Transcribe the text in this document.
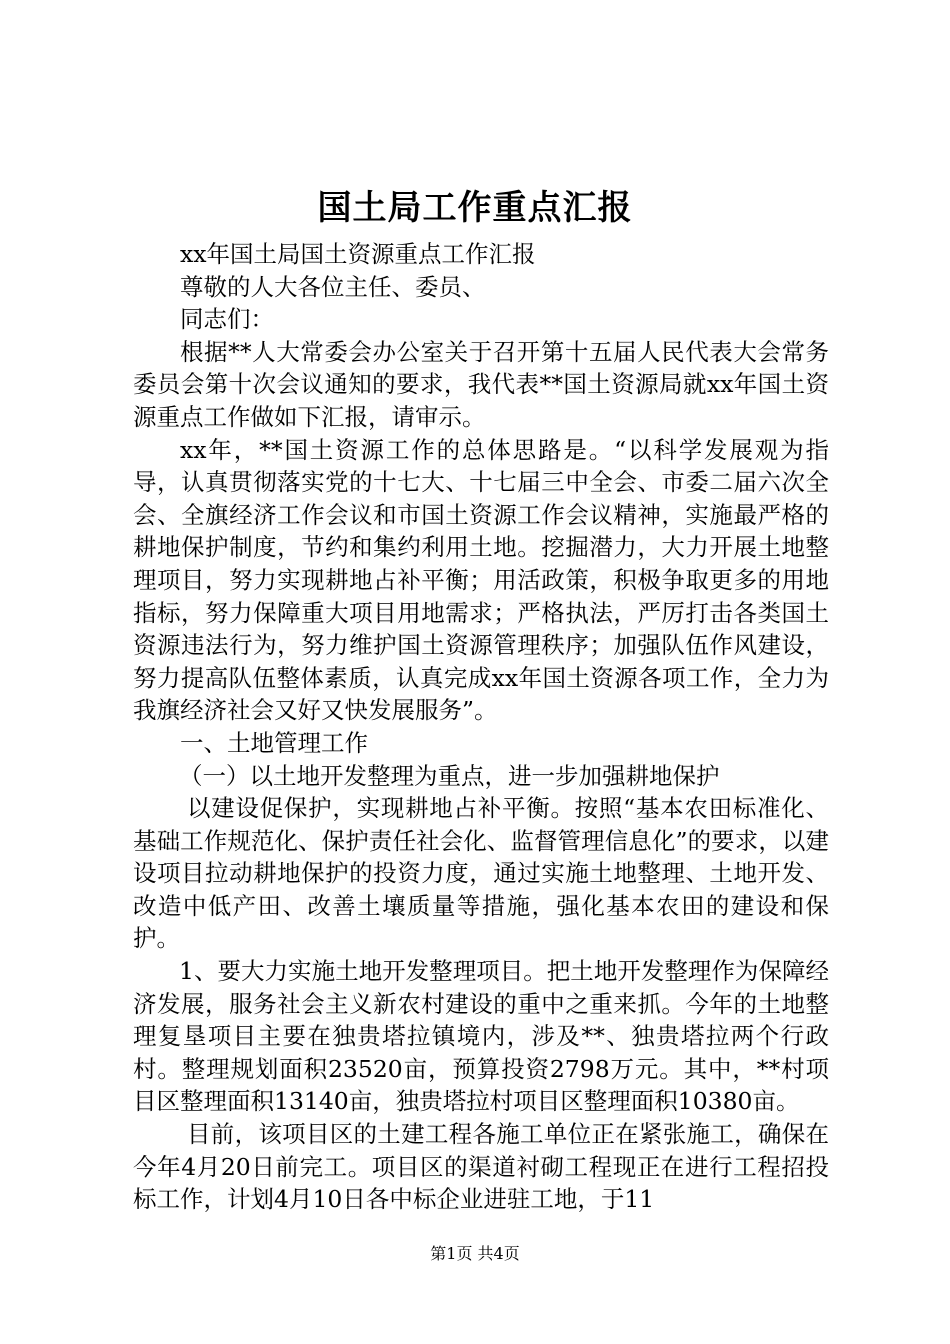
国土局工作重点汇报

xx年国土局国土资源重点工作汇报

尊敬的人大各位主任、委员、

同志们：

根据**人大常委会办公室关于召开第十五届人民代表大会常务委员会第十次会议通知的要求，我代表**国土资源局就xx年国土资源重点工作做如下汇报，请审示。

xx年，**国土资源工作的总体思路是。“以科学发展观为指导，认真贯彻落实党的十七大、十七届三中全会、市委二届六次全会、全旗经济工作会议和市国土资源工作会议精神，实施最严格的耕地保护制度，节约和集约利用土地。挖掘潜力，大力开展土地整理项目，努力实现耕地占补平衡；用活政策，积极争取更多的用地指标，努力保障重大项目用地需求；严格执法，严厉打击各类国土资源违法行为，努力维护国土资源管理秩序；加强队伍作风建设，努力提高队伍整体素质，认真完成xx年国土资源各项工作，全力为我旗经济社会又好又快发展服务”。

一、土地管理工作

（一）以土地开发整理为重点，进一步加强耕地保护

以建设促保护，实现耕地占补平衡。按照“基本农田标准化、基础工作规范化、保护责任社会化、监督管理信息化”的要求，以建设项目拉动耕地保护的投资力度，通过实施土地整理、土地开发、改造中低产田、改善土壤质量等措施，强化基本农田的建设和保护。

1、要大力实施土地开发整理项目。把土地开发整理作为保障经济发展，服务社会主义新农村建设的重中之重来抓。今年的土地整理复垦项目主要在独贵塔拉镇境内，涉及**、独贵塔拉两个行政村。整理规划面积23520亩，预算投资2798万元。其中，**村项目区整理面积13140亩，独贵塔拉村项目区整理面积10380亩。

目前，该项目区的土建工程各施工单位正在紧张施工，确保在今年4月20日前完工。项目区的渠道衬砌工程现正在进行工程招投标工作，计划4月10日各中标企业进驻工地，于11

第1页 共4页
